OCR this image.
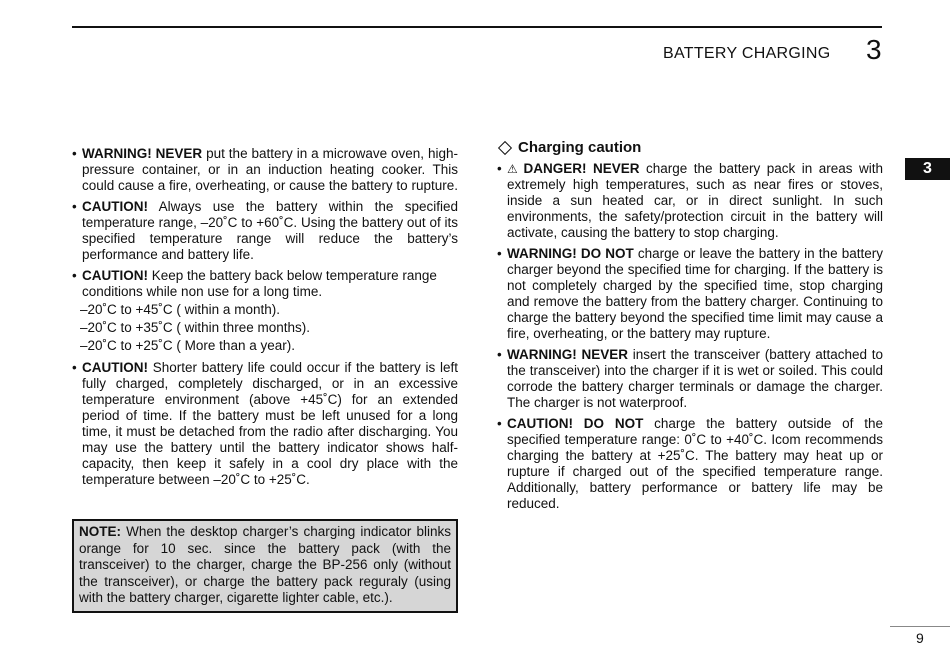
BATTERY CHARGING 3
3

• WARNING! NEVER put the battery in a microwave oven, high-pressure container, or in an induction heating cooker. This could cause a fire, overheating, or cause the battery to rupture.

• CAUTION! Always use the battery within the specified temperature range, –20˚C to +60˚C. Using the battery out of its specified temperature range will reduce the battery’s performance and battery life.

• CAUTION! Keep the battery back below temperature range conditions while non use for a long time.

–20˚C to +45˚C ( within a month).
–20˚C to +35˚C ( within three months).
–20˚C to +25˚C ( More than a year).

• CAUTION! Shorter battery life could occur if the battery is left fully charged, completely discharged, or in an excessive temperature environment (above +45˚C) for an extended period of time. If the battery must be left unused for a long time, it must be detached from the radio after discharging. You may use the battery until the battery indicator shows half-capacity, then keep it safely in a cool dry place with the temperature between –20˚C to +25˚C.

NOTE: When the desktop charger’s charging indicator blinks orange for 10 sec. since the battery pack (with the transceiver) to the charger, charge the BP-256 only (without the transceiver), or charge the battery pack reguraly (using with the battery charger, cigarette lighter cable, etc.).
Charging caution

• ⚠ DANGER! NEVER charge the battery pack in areas with extremely high temperatures, such as near fires or stoves, inside a sun heated car, or in direct sunlight. In such environments, the safety/protection circuit in the battery will activate, causing the battery to stop charging.

• WARNING! DO NOT charge or leave the battery in the battery charger beyond the specified time for charging. If the battery is not completely charged by the specified time, stop charging and remove the battery from the battery charger. Continuing to charge the battery beyond the specified time limit may cause a fire, overheating, or the battery may rupture.

• WARNING! NEVER insert the transceiver (battery attached to the transceiver) into the charger if it is wet or soiled. This could corrode the battery charger terminals or damage the charger. The charger is not waterproof.

• CAUTION! DO NOT charge the battery outside of the specified temperature range: 0˚C to +40˚C. Icom recommends charging the battery at +25˚C. The battery may heat up or rupture if charged out of the specified temperature range. Additionally, battery performance or battery life may be reduced.

9
